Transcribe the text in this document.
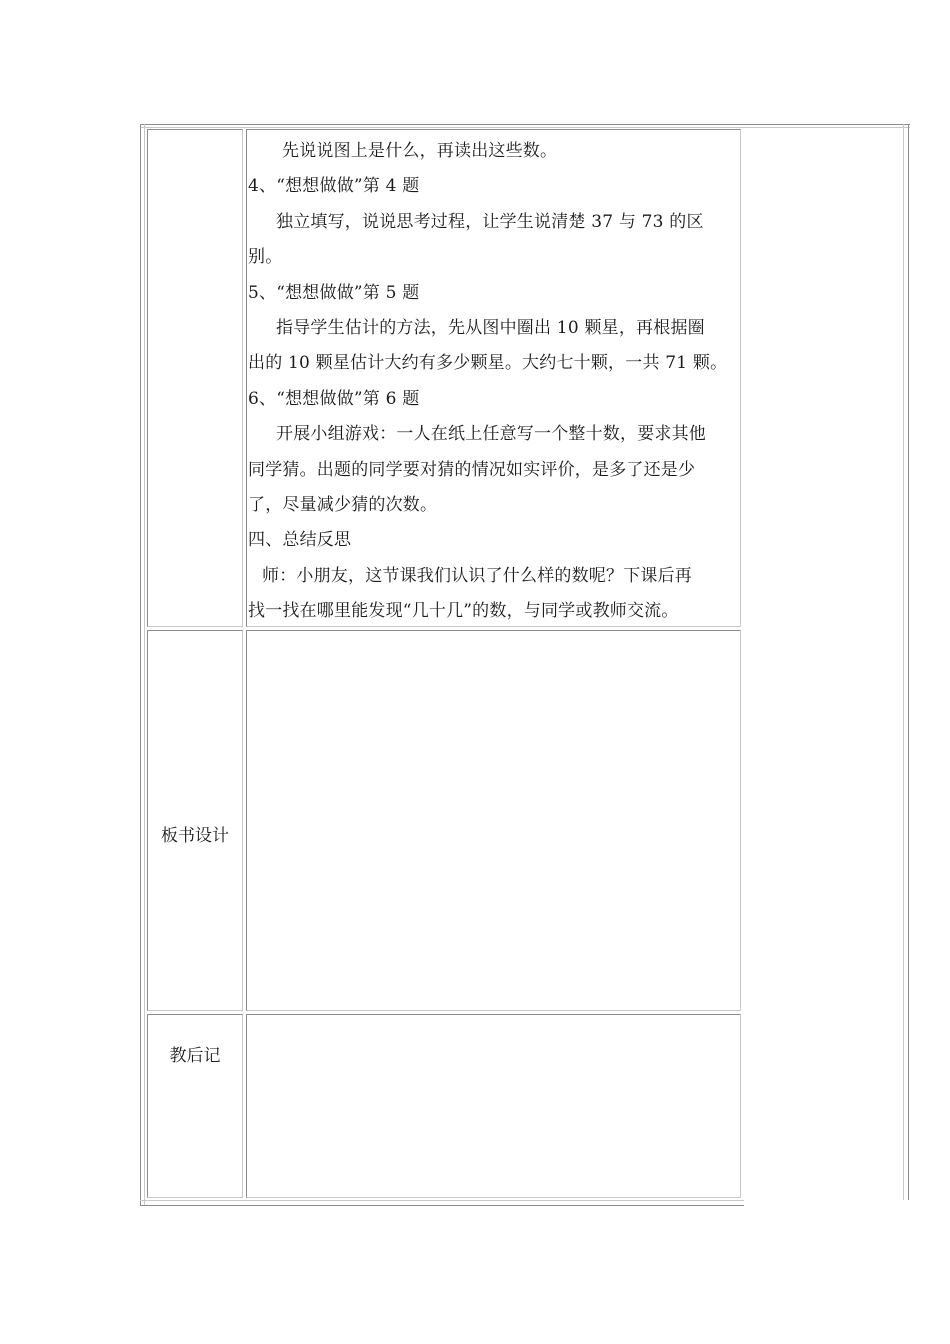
先说说图上是什么，再读出这些数。

4、“想想做做”第 4 题

独立填写，说说思考过程，让学生说清楚 37 与 73 的区

别。

5、“想想做做”第 5 题

指导学生估计的方法，先从图中圈出 10 颗星，再根据圈

出的 10 颗星估计大约有多少颗星。大约七十颗，一共 71 颗。

6、“想想做做”第 6 题

开展小组游戏：一人在纸上任意写一个整十数，要求其他

同学猜。出题的同学要对猜的情况如实评价，是多了还是少

了，尽量减少猜的次数。

四、总结反思

师：小朋友，这节课我们认识了什么样的数呢？下课后再

找一找在哪里能发现“几十几”的数，与同学或教师交流。

板书设计
教后记
